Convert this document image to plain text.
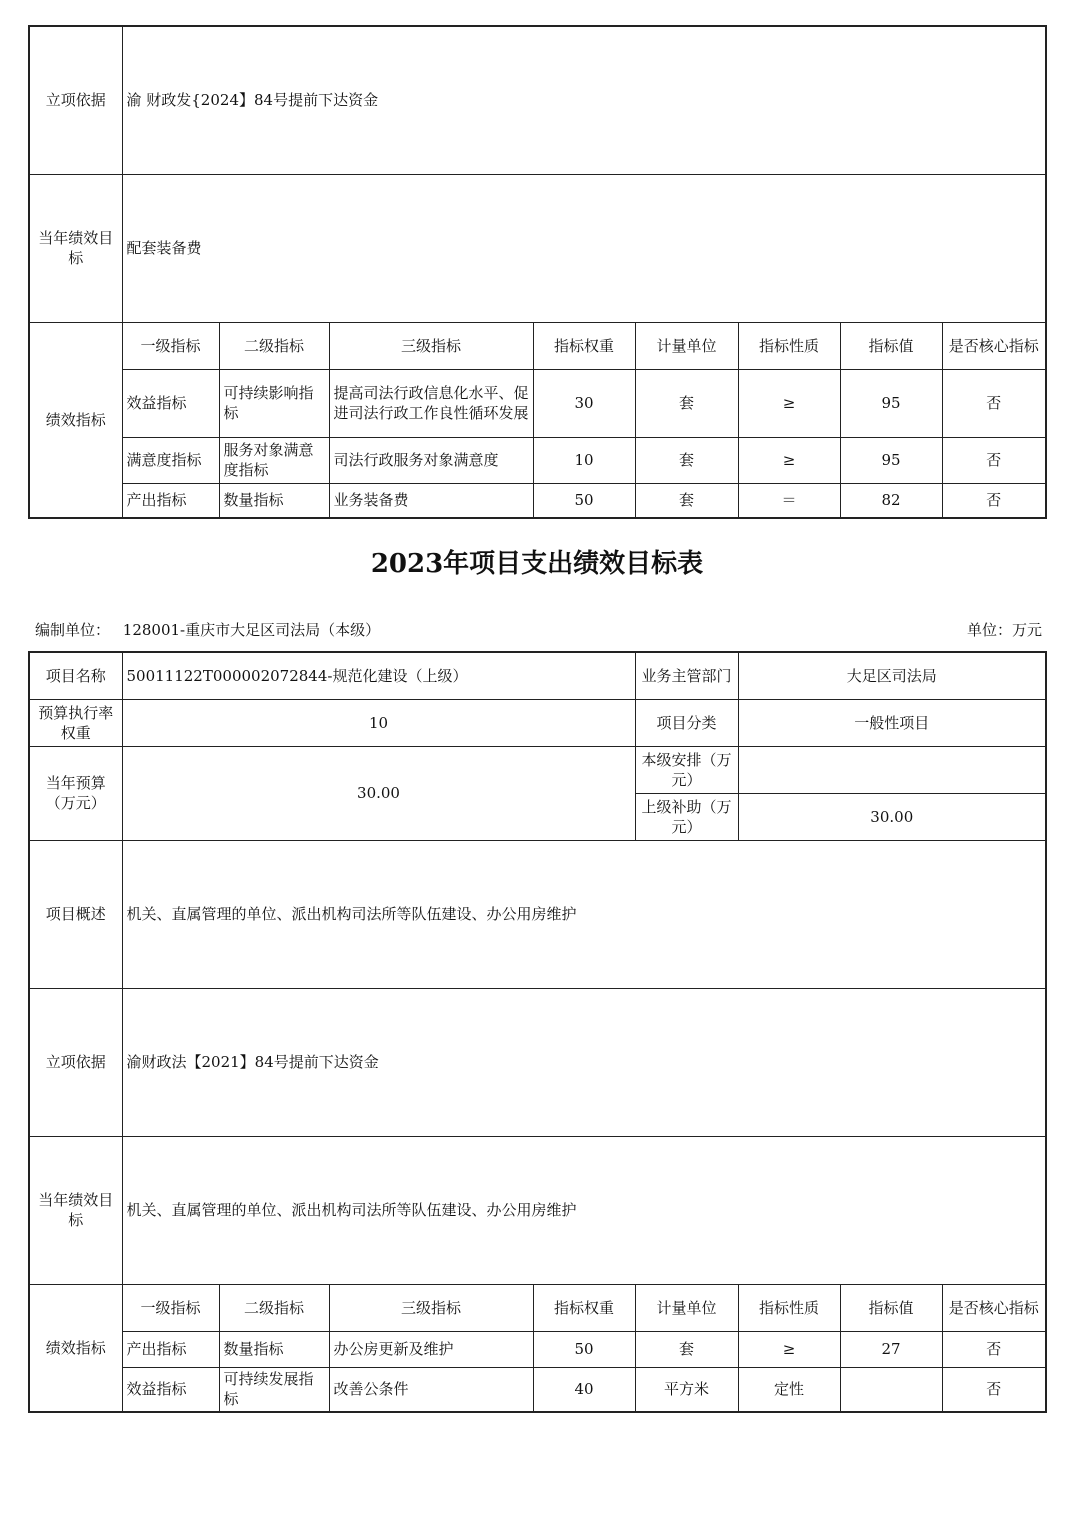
立项依据	渝 财政发{2024】84号提前下达资金							
当年绩效目标	配套装备费							
绩效指标	一级指标	二级指标	三级指标	指标权重	计量单位	指标性质	指标值	是否核心指标
	效益指标	可持续影响指标	提高司法行政信息化水平、促进司法行政工作良性循环发展	30	套	≥	95	否
	满意度指标	服务对象满意度指标	司法行政服务对象满意度	10	套	≥	95	否
	产出指标	数量指标	业务装备费	50	套	＝	82	否
2023年项目支出绩效目标表
编制单位： 128001-重庆市大足区司法局（本级）	单位：万元
项目名称	50011122T000002072844-规范化建设（上级）				业务主管部门	大足区司法局		
预算执行率权重	10				项目分类	一般性项目		
当年预算（万元）	30.00				本级安排（万元）			
					上级补助（万元）	30.00		
项目概述	机关、直属管理的单位、派出机构司法所等队伍建设、办公用房维护							
立项依据	渝财政法【2021】84号提前下达资金							
当年绩效目标	机关、直属管理的单位、派出机构司法所等队伍建设、办公用房维护							
绩效指标	一级指标	二级指标	三级指标	指标权重	计量单位	指标性质	指标值	是否核心指标
	产出指标	数量指标	办公房更新及维护	50	套	≥	27	否
	效益指标	可持续发展指标	改善公条件	40	平方米	定性		否
